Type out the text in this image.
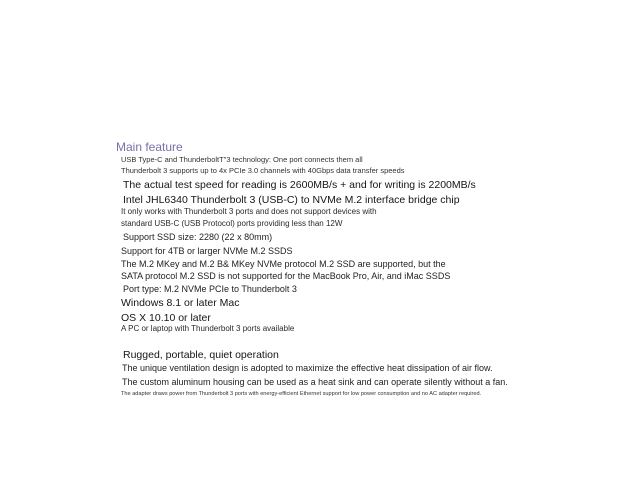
Main feature
USB Type-C and ThunderboltT"3 technology: One port connects them all
Thunderbolt 3 supports up to 4x PCIe 3.0 channels with 40Gbps data transfer speeds
The actual test speed for reading is 2600MB/s + and for writing is 2200MB/s
Intel JHL6340 Thunderbolt 3 (USB-C) to NVMe M.2 interface bridge chip
It only works with Thunderbolt 3 ports and does not support devices with
standard USB-C (USB Protocol) ports providing less than 12W
Support SSD size: 2280 (22 x 80mm)
Support for 4TB or larger NVMe M.2 SSDS
The M.2 MKey and M.2 B& MKey NVMe protocol M.2 SSD are supported, but the
SATA protocol M.2 SSD is not supported for the MacBook Pro, Air, and iMac SSDS
Port type: M.2 NVMe PCIe to Thunderbolt 3
Windows 8.1 or later Mac
OS X 10.10 or later
A PC or laptop with Thunderbolt 3 ports available
Rugged, portable, quiet operation
The unique ventilation design is adopted to maximize the effective heat dissipation of air flow.
The custom aluminum housing can be used as a heat sink and can operate silently without a fan.
The adapter draws power from Thunderbolt 3 ports with energy-efficient Ethernet support for low power consumption and no AC adapter required.
